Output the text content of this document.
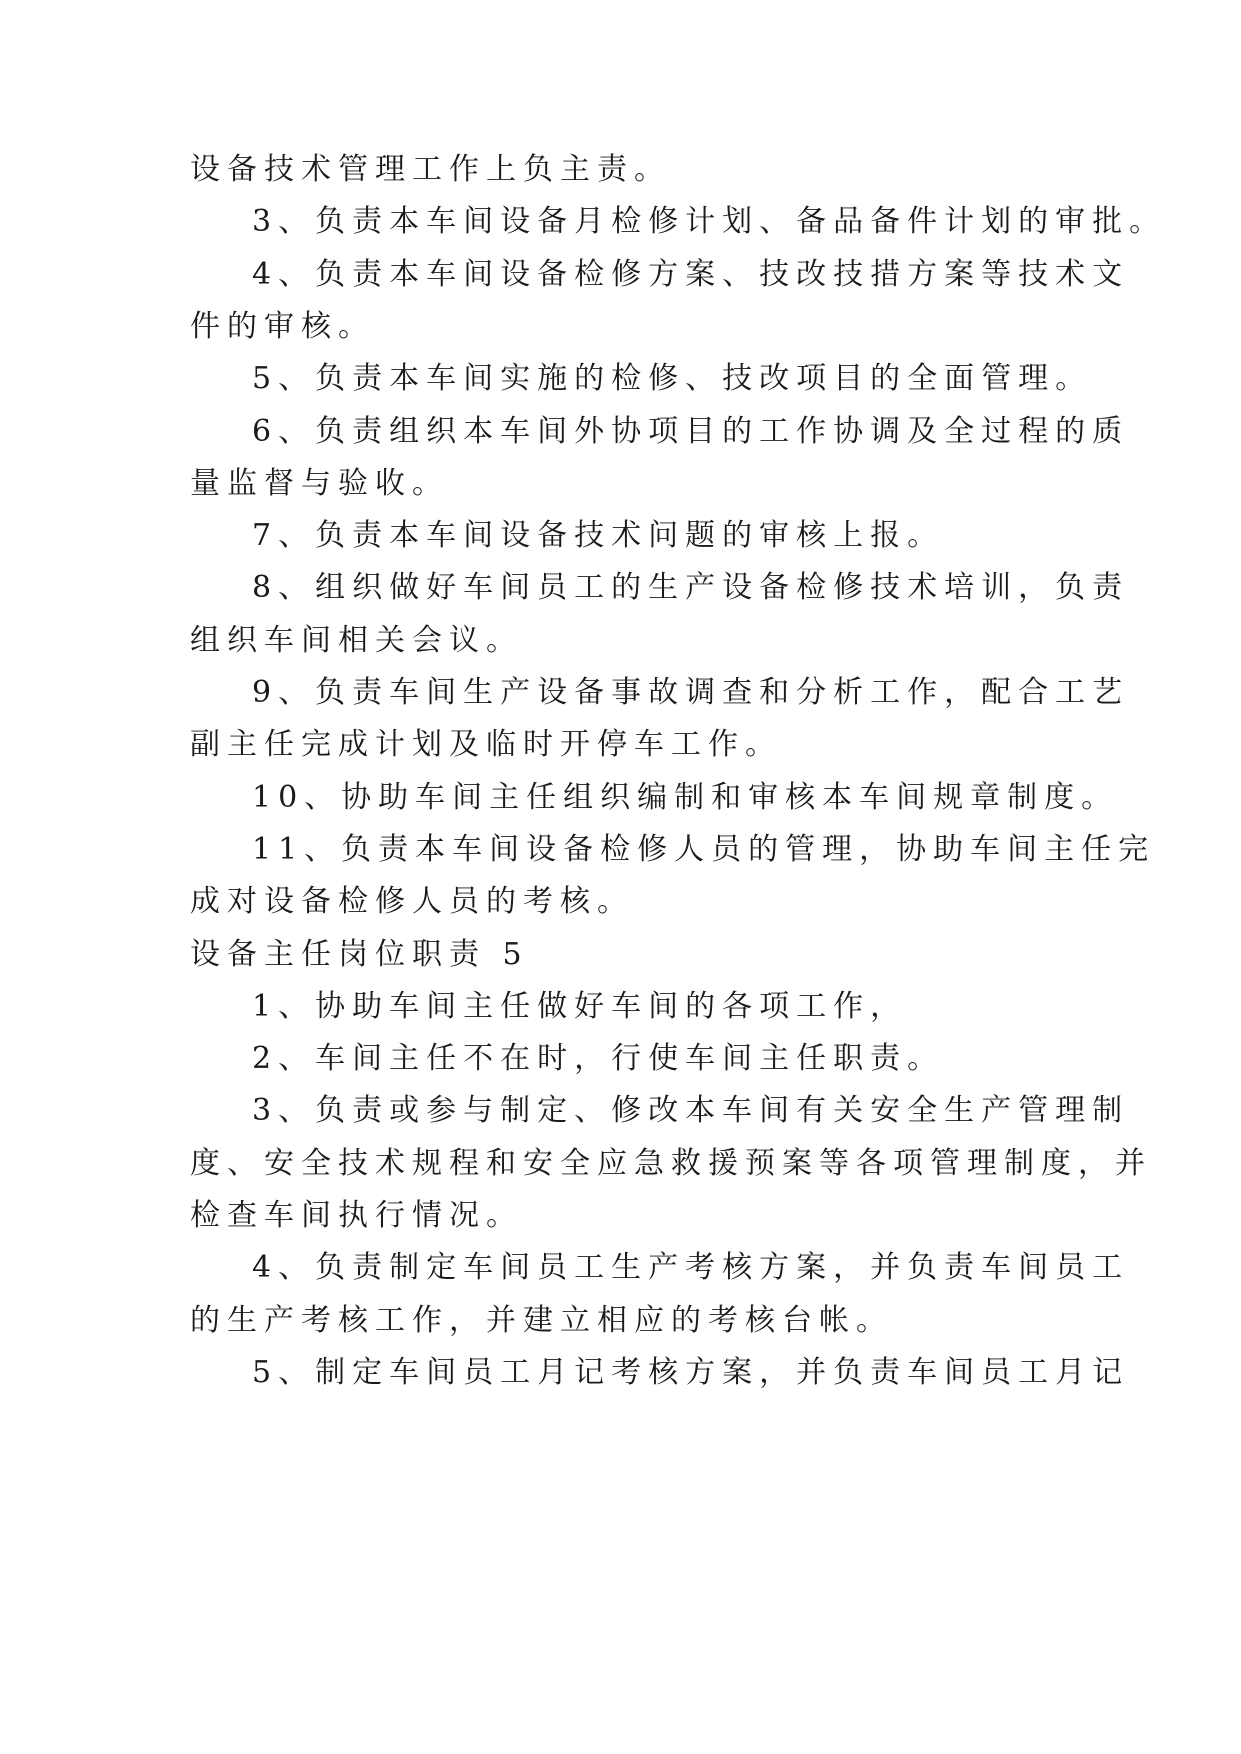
设备技术管理工作上负主责。
3、负责本车间设备月检修计划、备品备件计划的审批。
4、负责本车间设备检修方案、技改技措方案等技术文
件的审核。
5、负责本车间实施的检修、技改项目的全面管理。
6、负责组织本车间外协项目的工作协调及全过程的质
量监督与验收。
7、负责本车间设备技术问题的审核上报。
8、组织做好车间员工的生产设备检修技术培训，负责
组织车间相关会议。
9、负责车间生产设备事故调查和分析工作，配合工艺
副主任完成计划及临时开停车工作。
10、协助车间主任组织编制和审核本车间规章制度。
11、负责本车间设备检修人员的管理，协助车间主任完
成对设备检修人员的考核。
设备主任岗位职责 5
1、协助车间主任做好车间的各项工作，
2、车间主任不在时，行使车间主任职责。
3、负责或参与制定、修改本车间有关安全生产管理制
度、安全技术规程和安全应急救援预案等各项管理制度，并
检查车间执行情况。
4、负责制定车间员工生产考核方案，并负责车间员工
的生产考核工作，并建立相应的考核台帐。
5、制定车间员工月记考核方案，并负责车间员工月记
